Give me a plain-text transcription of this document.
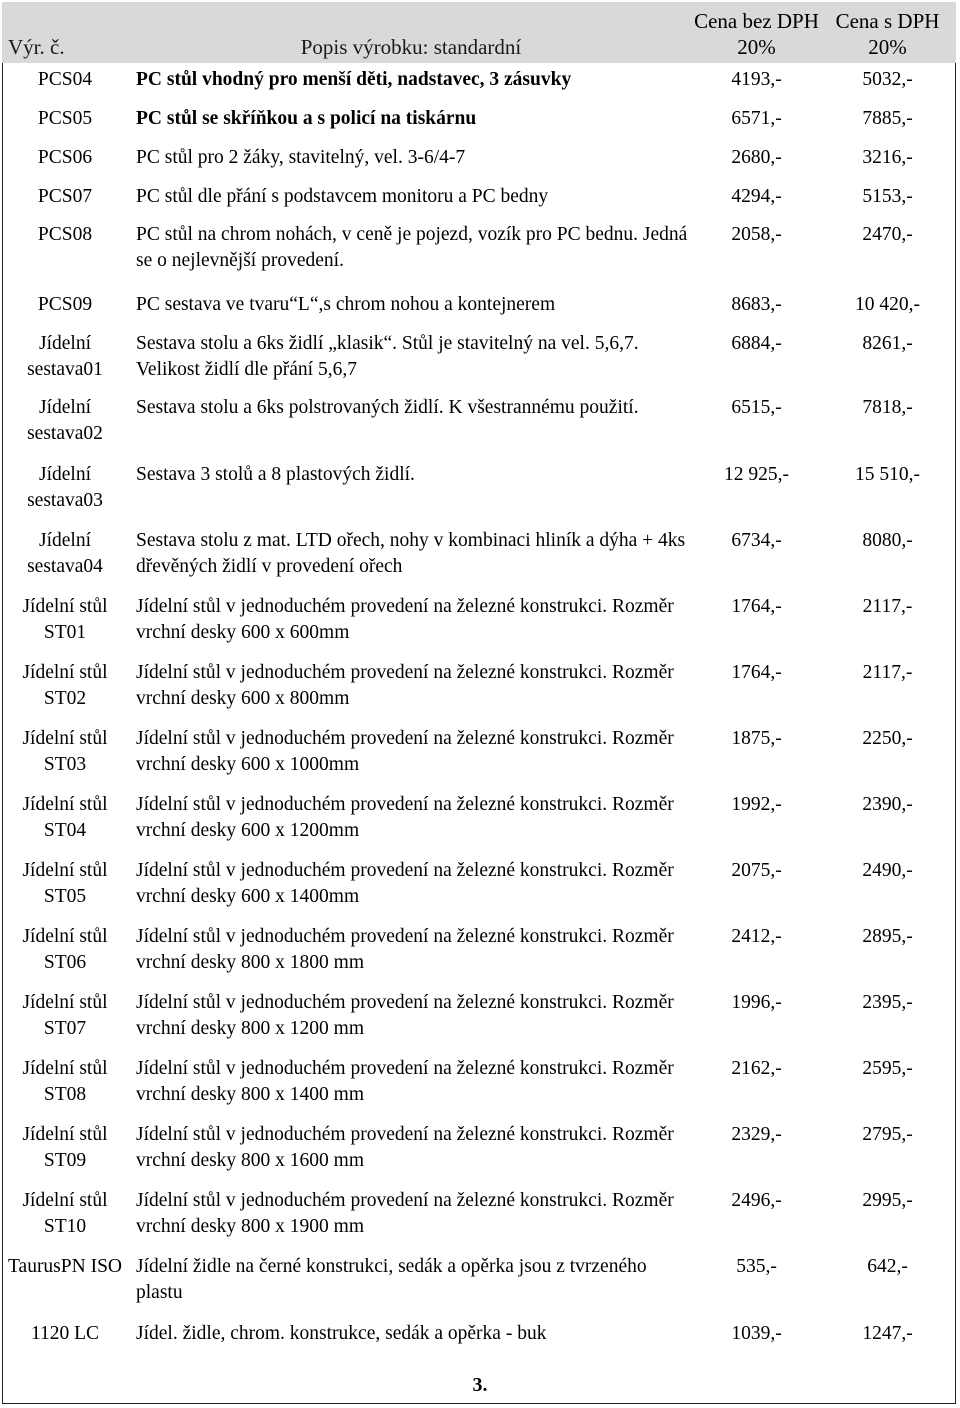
Výr. č.	Popis výrobku: standardní	Cena bez DPH 20%	Cena s DPH 20%
PCS04	PC stůl vhodný pro menší děti, nadstavec, 3 zásuvky	4193,-	5032,-
PCS05	PC stůl se skříňkou a s policí na tiskárnu	6571,-	7885,-
PCS06	PC stůl pro 2 žáky, stavitelný, vel. 3-6/4-7	2680,-	3216,-
PCS07	PC stůl dle přání s podstavcem monitoru a PC bedny	4294,-	5153,-
PCS08	PC stůl na chrom nohách, v ceně je pojezd, vozík pro PC bednu. Jedná se o nejlevnější provedení.	2058,-	2470,-
PCS09	PC sestava ve tvaru“L“,s chrom nohou a kontejnerem	8683,-	10 420,-
Jídelní sestava01	Sestava stolu a 6ks židlí „klasik“. Stůl je stavitelný na vel. 5,6,7. Velikost židlí dle přání 5,6,7	6884,-	8261,-
Jídelní sestava02	Sestava stolu a 6ks polstrovaných židlí. K všestrannému použití.	6515,-	7818,-
Jídelní sestava03	Sestava 3 stolů a 8 plastových židlí.	12 925,-	15 510,-
Jídelní sestava04	Sestava stolu z mat. LTD ořech, nohy v kombinaci hliník a dýha + 4ks dřevěných židlí v provedení ořech	6734,-	8080,-
Jídelní stůl ST01	Jídelní stůl v jednoduchém provedení na železné konstrukci. Rozměr vrchní desky 600 x 600mm	1764,-	2117,-
Jídelní stůl ST02	Jídelní stůl v jednoduchém provedení na železné konstrukci. Rozměr vrchní desky 600 x 800mm	1764,-	2117,-
Jídelní stůl ST03	Jídelní stůl v jednoduchém provedení na železné konstrukci. Rozměr vrchní desky 600 x 1000mm	1875,-	2250,-
Jídelní stůl ST04	Jídelní stůl v jednoduchém provedení na železné konstrukci. Rozměr vrchní desky 600 x 1200mm	1992,-	2390,-
Jídelní stůl ST05	Jídelní stůl v jednoduchém provedení na železné konstrukci. Rozměr vrchní desky 600 x 1400mm	2075,-	2490,-
Jídelní stůl ST06	Jídelní stůl v jednoduchém provedení na železné konstrukci. Rozměr vrchní desky 800 x 1800 mm	2412,-	2895,-
Jídelní stůl ST07	Jídelní stůl v jednoduchém provedení na železné konstrukci. Rozměr vrchní desky 800 x 1200 mm	1996,-	2395,-
Jídelní stůl ST08	Jídelní stůl v jednoduchém provedení na železné konstrukci. Rozměr vrchní desky 800 x 1400 mm	2162,-	2595,-
Jídelní stůl ST09	Jídelní stůl v jednoduchém provedení na železné konstrukci. Rozměr vrchní desky 800 x 1600 mm	2329,-	2795,-
Jídelní stůl ST10	Jídelní stůl v jednoduchém provedení na železné konstrukci. Rozměr vrchní desky 800 x 1900 mm	2496,-	2995,-
TaurusPN ISO	Jídelní židle na černé konstrukci, sedák a opěrka jsou z tvrzeného plastu	535,-	642,-
1120 LC	Jídel. židle, chrom. konstrukce, sedák a opěrka - buk	1039,-	1247,-
3.
